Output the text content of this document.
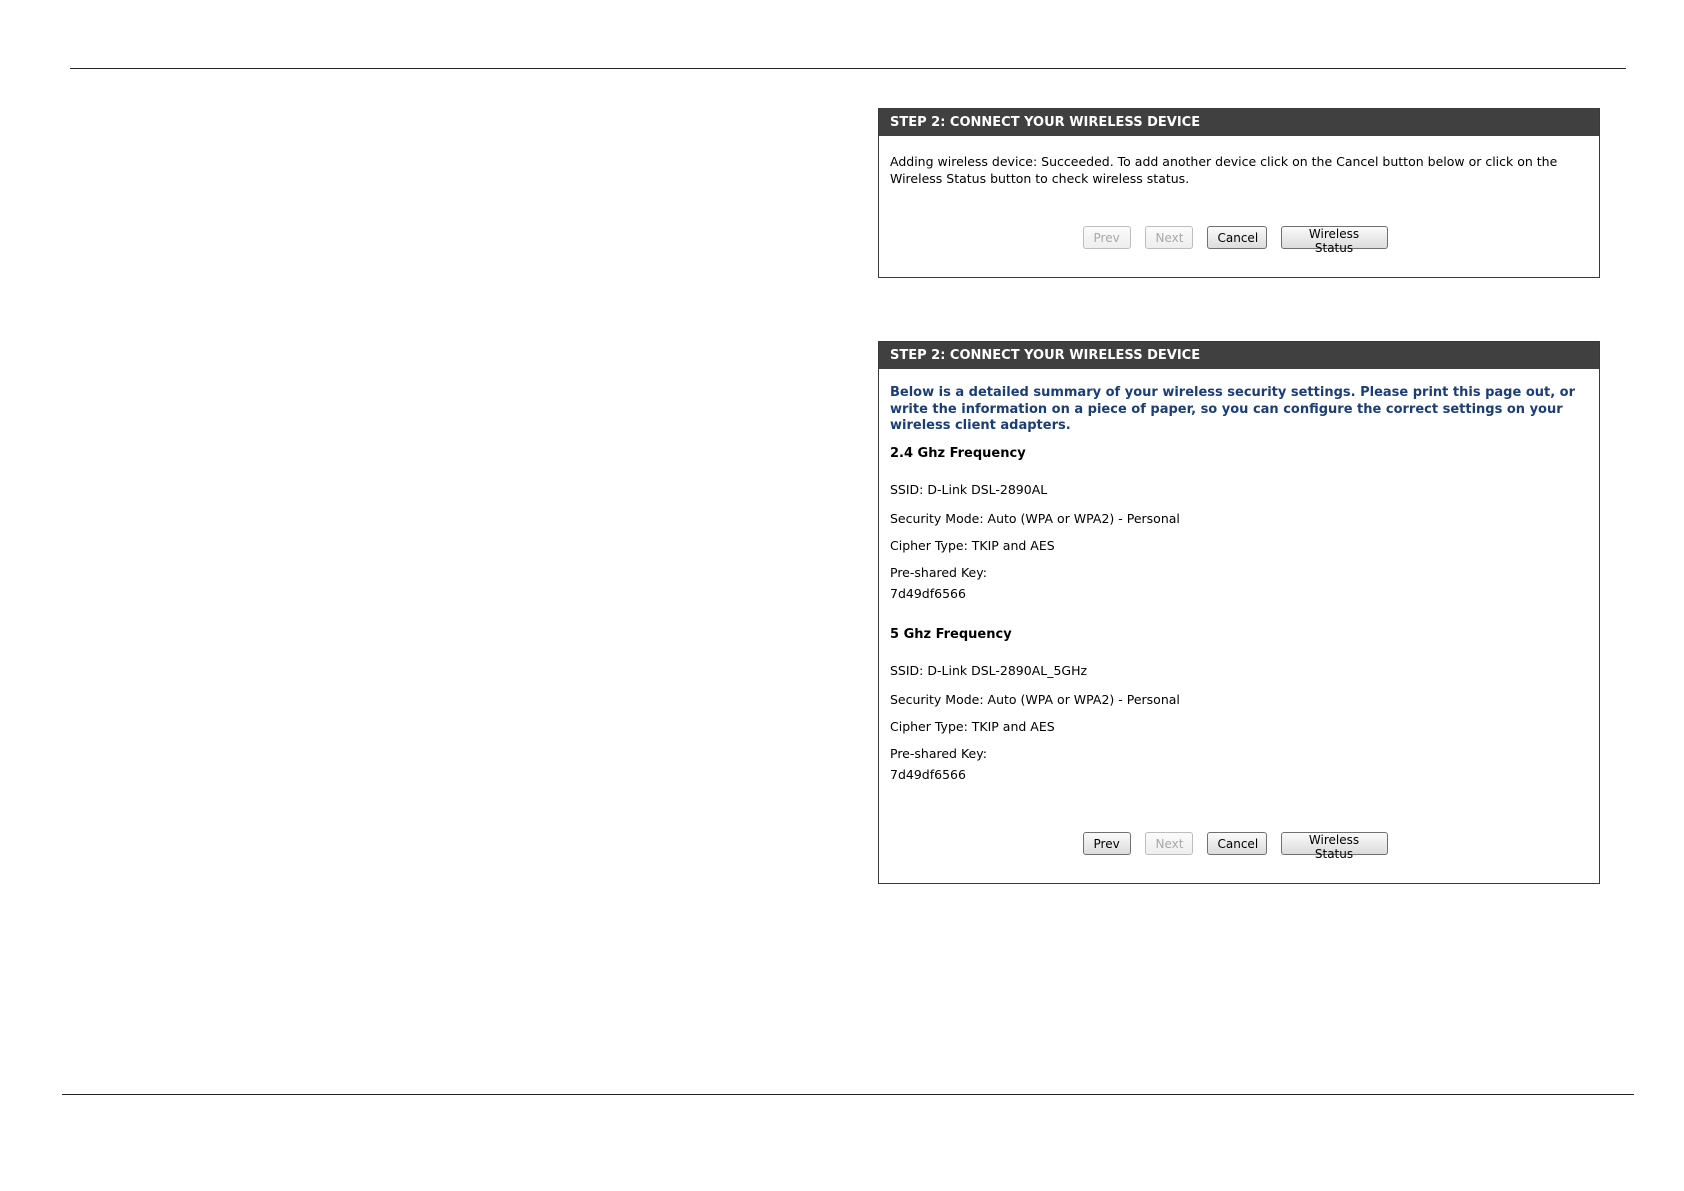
STEP 2: CONNECT YOUR WIRELESS DEVICE
Adding wireless device: Succeeded. To add another device click on the Cancel button below or click on the Wireless Status button to check wireless status.
Prev	Next	Cancel	Wireless Status
STEP 2: CONNECT YOUR WIRELESS DEVICE
Below is a detailed summary of your wireless security settings. Please print this page out, or write the information on a piece of paper, so you can configure the correct settings on your wireless client adapters.
2.4 Ghz Frequency
SSID: D-Link DSL-2890AL
Security Mode: Auto (WPA or WPA2) - Personal
Cipher Type: TKIP and AES
Pre-shared Key:
7d49df6566
5 Ghz Frequency
SSID: D-Link DSL-2890AL_5GHz
Security Mode: Auto (WPA or WPA2) - Personal
Cipher Type: TKIP and AES
Pre-shared Key:
7d49df6566
Prev	Next	Cancel	Wireless Status
